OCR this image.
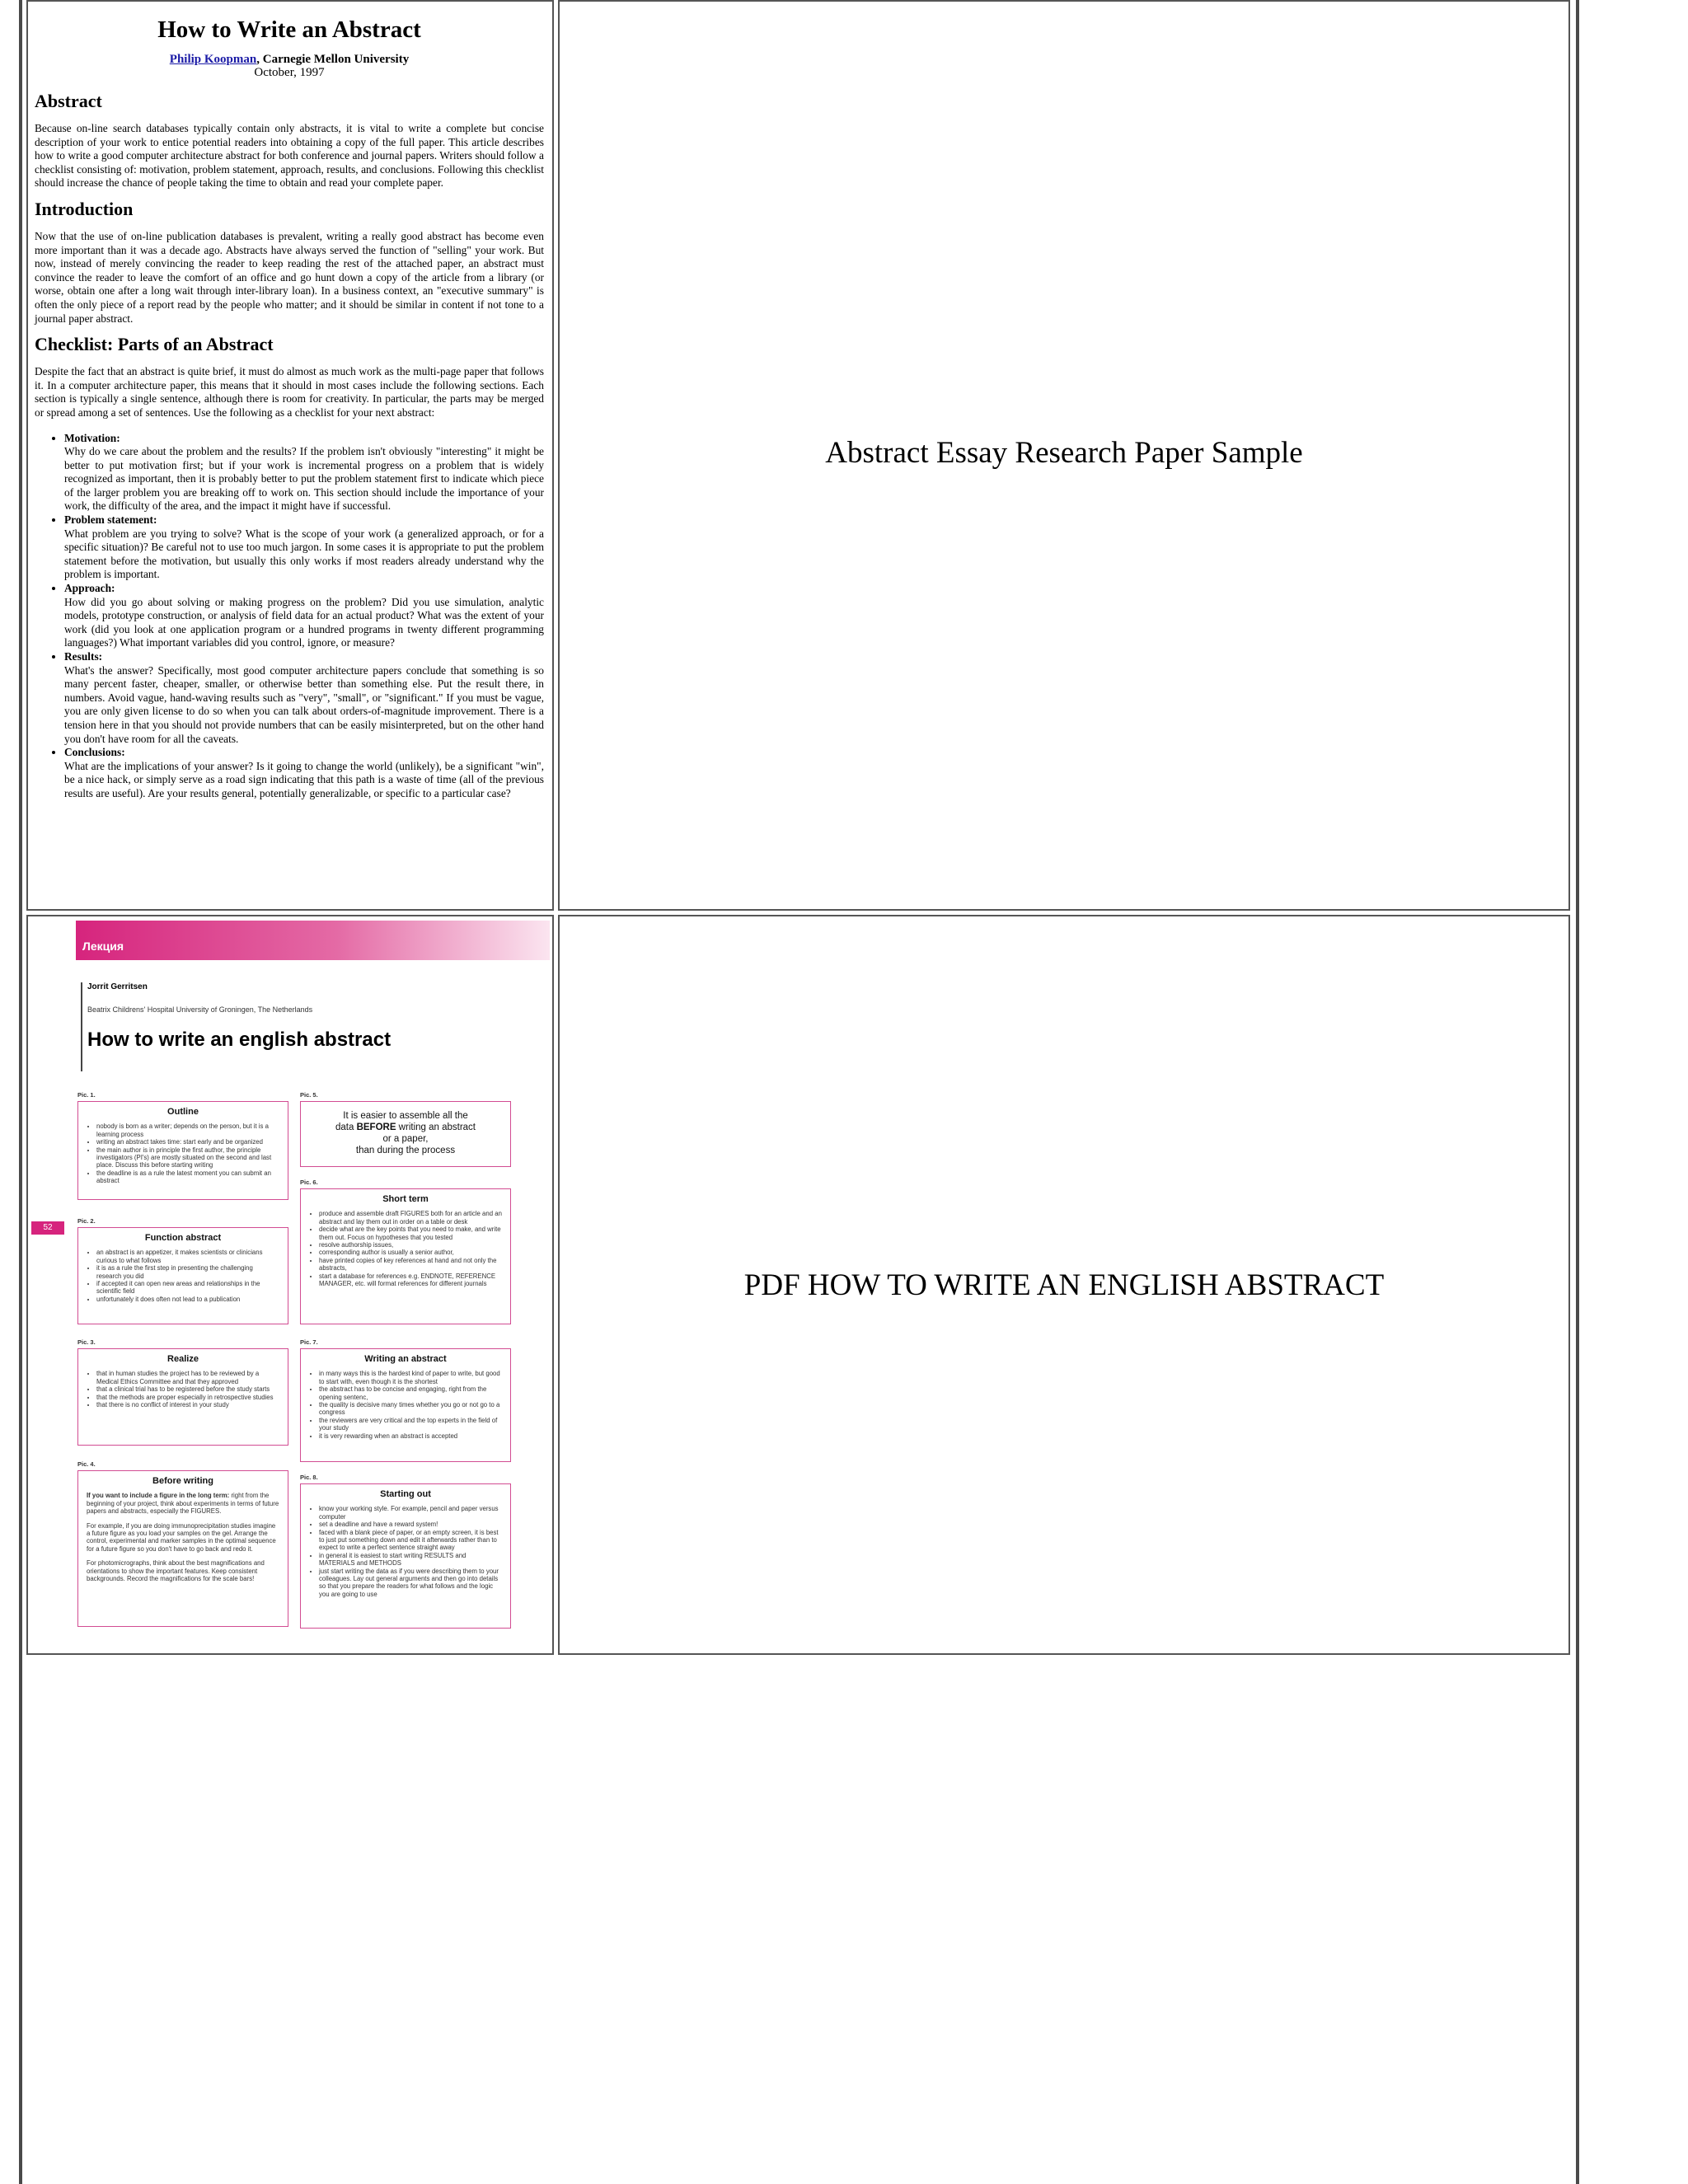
How to Write an Abstract
Philip Koopman, Carnegie Mellon University
October, 1997
Abstract

Because on-line search databases typically contain only abstracts, it is vital to write a complete but concise description of your work to entice potential readers into obtaining a copy of the full paper. This article describes how to write a good computer architecture abstract for both conference and journal papers. Writers should follow a checklist consisting of: motivation, problem statement, approach, results, and conclusions. Following this checklist should increase the chance of people taking the time to obtain and read your complete paper.

Introduction

Now that the use of on-line publication databases is prevalent, writing a really good abstract has become even more important than it was a decade ago. Abstracts have always served the function of "selling" your work. But now, instead of merely convincing the reader to keep reading the rest of the attached paper, an abstract must convince the reader to leave the comfort of an office and go hunt down a copy of the article from a library (or worse, obtain one after a long wait through inter-library loan). In a business context, an "executive summary" is often the only piece of a report read by the people who matter; and it should be similar in content if not tone to a journal paper abstract.

Checklist: Parts of an Abstract

Despite the fact that an abstract is quite brief, it must do almost as much work as the multi-page paper that follows it. In a computer architecture paper, this means that it should in most cases include the following sections. Each section is typically a single sentence, although there is room for creativity. In particular, the parts may be merged or spread among a set of sentences. Use the following as a checklist for your next abstract:

• Motivation:
Why do we care about the problem and the results? If the problem isn't obviously "interesting" it might be better to put motivation first; but if your work is incremental progress on a problem that is widely recognized as important, then it is probably better to put the problem statement first to indicate which piece of the larger problem you are breaking off to work on. This section should include the importance of your work, the difficulty of the area, and the impact it might have if successful.
• Problem statement:
What problem are you trying to solve? What is the scope of your work (a generalized approach, or for a specific situation)? Be careful not to use too much jargon. In some cases it is appropriate to put the problem statement before the motivation, but usually this only works if most readers already understand why the problem is important.
• Approach:
How did you go about solving or making progress on the problem? Did you use simulation, analytic models, prototype construction, or analysis of field data for an actual product? What was the extent of your work (did you look at one application program or a hundred programs in twenty different programming languages?) What important variables did you control, ignore, or measure?
• Results:
What's the answer? Specifically, most good computer architecture papers conclude that something is so many percent faster, cheaper, smaller, or otherwise better than something else. Put the result there, in numbers. Avoid vague, hand-waving results such as "very", "small", or "significant." If you must be vague, you are only given license to do so when you can talk about orders-of-magnitude improvement. There is a tension here in that you should not provide numbers that can be easily misinterpreted, but on the other hand you don't have room for all the caveats.
• Conclusions:
What are the implications of your answer? Is it going to change the world (unlikely), be a significant "win", be a nice hack, or simply serve as a road sign indicating that this path is a waste of time (all of the previous results are useful). Are your results general, potentially generalizable, or specific to a particular case?
Abstract Essay Research Paper Sample
Лекция
Jorrit Gerritsen
Beatrix Childrens' Hospital University of Groningen, The Netherlands
How to write an english abstract
52
Pic. 1.
Outline
• nobody is born as a writer; depends on the person, but it is a learning process
• writing an abstract takes time: start early and be organized
• the main author is in principle the first author, the principle investigators (PI's) are mostly situated on the second and last place. Discuss this before starting writing
• the deadline is as a rule the latest moment you can submit an abstract
Pic. 2.
Function abstract
• an abstract is an appetizer, it makes scientists or clinicians curious to what follows
• it is as a rule the first step in presenting the challenging research you did
• if accepted it can open new areas and relationships in the scientific field
• unfortunately it does often not lead to a publication
Pic. 3.
Realize
• that in human studies the project has to be reviewed by a Medical Ethics Committee and that they approved
• that a clinical trial has to be registered before the study starts
• that the methods are proper especially in retrospective studies
• that there is no conflict of interest in your study
Pic. 4.
Before writing

If you want to include a figure in the long term: right from the beginning of your project, think about experiments in terms of future papers and abstracts, especially the FIGURES.

For example, if you are doing immunoprecipitation studies imagine a future figure as you load your samples on the gel. Arrange the control, experimental and marker samples in the optimal sequence for a future figure so you don't have to go back and redo it.

For photomicrographs, think about the best magnifications and orientations to show the important features. Keep consistent backgrounds. Record the magnifications for the scale bars!

Pic. 5.
It is easier to assemble all the
data BEFORE writing an abstract
or a paper,
than during the process
Pic. 6.
Short term
• produce and assemble draft FIGURES both for an article and an abstract and lay them out in order on a table or desk
• decide what are the key points that you need to make, and write them out. Focus on hypotheses that you tested
• resolve authorship issues,
• corresponding author is usually a senior author,
• have printed copies of key references at hand and not only the abstracts,
• start a database for references e.g. ENDNOTE, REFERENCE MANAGER, etc. will format references for different journals
Pic. 7.
Writing an abstract
• in many ways this is the hardest kind of paper to write, but good to start with, even though it is the shortest
• the abstract has to be concise and engaging, right from the opening sentenc,
• the quality is decisive many times whether you go or not go to a congress
• the reviewers are very critical and the top experts in the field of your study
• it is very rewarding when an abstract is accepted
Pic. 8.
Starting out
• know your working style. For example, pencil and paper versus computer
• set a deadline and have a reward system!
• faced with a blank piece of paper, or an empty screen, it is best to just put something down and edit it afterwards rather than to expect to write a perfect sentence straight away
• in general it is easiest to start writing RESULTS and MATERIALS and METHODS
• just start writing the data as if you were describing them to your colleagues. Lay out general arguments and then go into details so that you prepare the readers for what follows and the logic you are going to use
PDF HOW TO WRITE AN ENGLISH ABSTRACT
